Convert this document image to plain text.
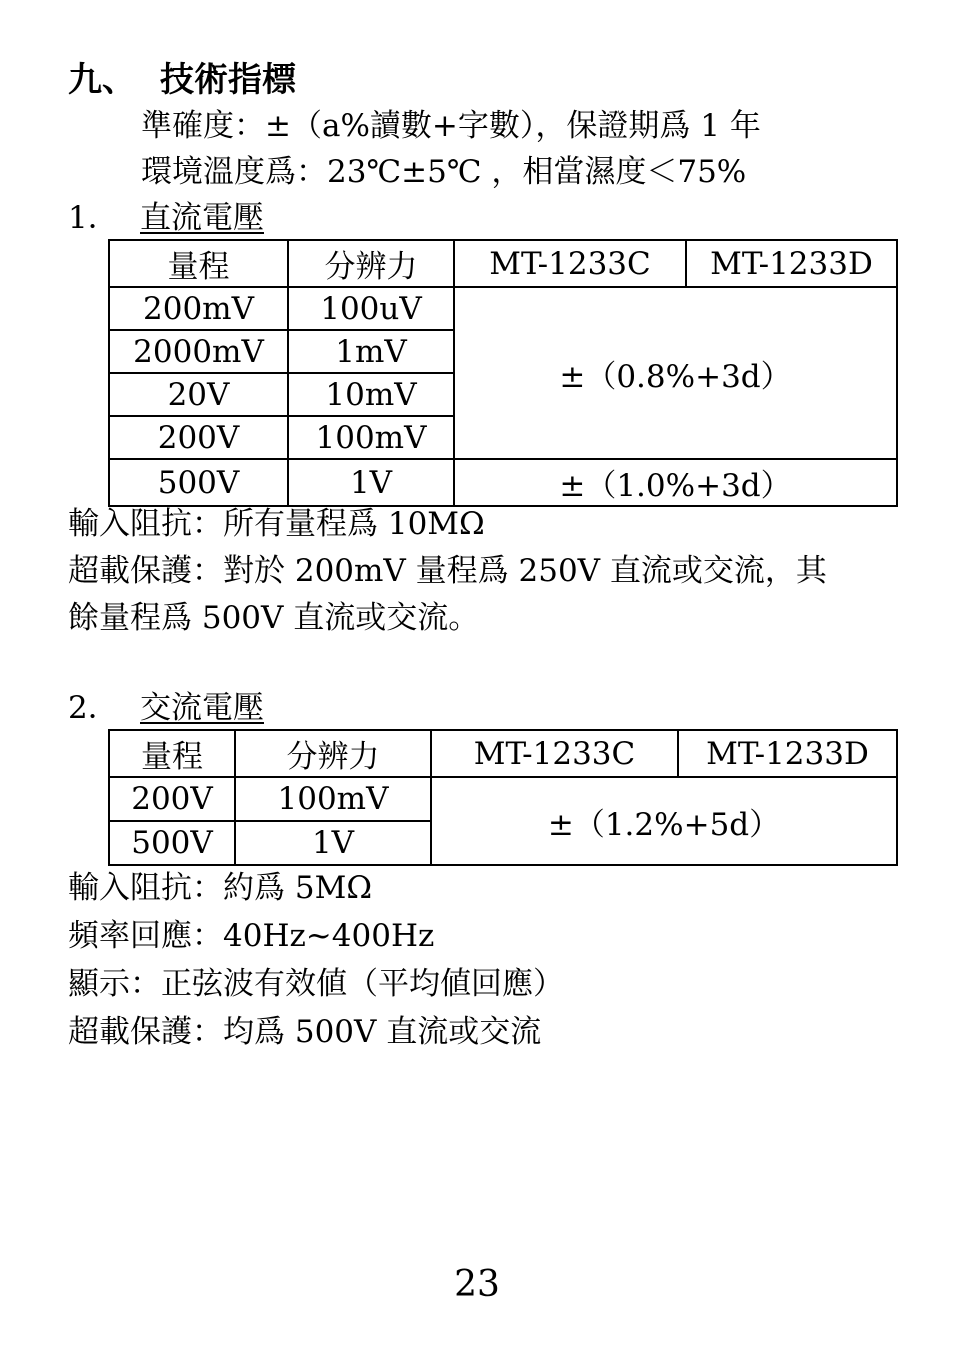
九、 技術指標
準確度：±（a%讀數+字數），保證期爲 1 年
環境溫度爲：23℃±5℃ ，相當濕度＜75%
1． 直流電壓
量程	分辨力	MT-1233C	MT-1233D
200mV	100uV	±（0.8%+3d）	
2000mV	1mV		
20V	10mV		
200V	100mV		
500V	1V	±（1.0%+3d）	
輸入阻抗：所有量程爲 10MΩ
超載保護：對於 200mV 量程爲 250V 直流或交流，其
餘量程爲 500V 直流或交流。
2． 交流電壓
量程	分辨力	MT-1233C	MT-1233D
200V	100mV	±（1.2%+5d）	
500V	1V		
輸入阻抗：約爲 5MΩ
頻率回應：40Hz~400Hz
顯示：正弦波有效値（平均値回應）
超載保護：均爲 500V 直流或交流
23
